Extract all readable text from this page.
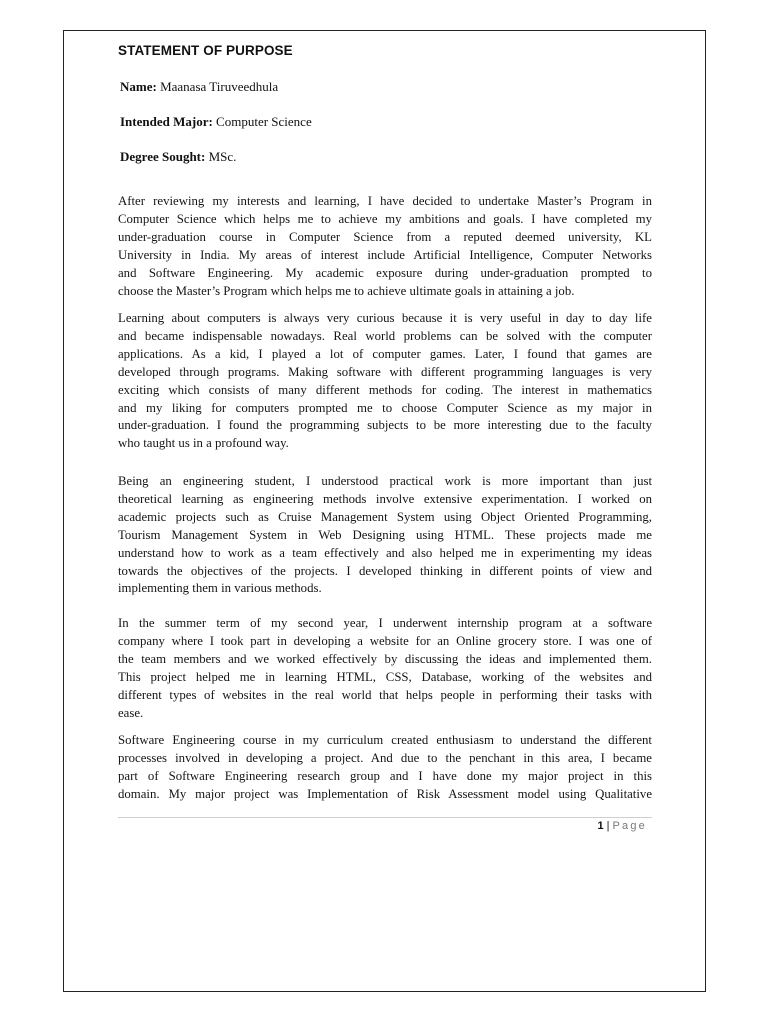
STATEMENT OF PURPOSE
Name: Maanasa Tiruveedhula
Intended Major: Computer Science
Degree Sought: MSc.

After reviewing my interests and learning, I have decided to undertake Master’s Program in
Computer Science which helps me to achieve my ambitions and goals. I have completed my
under-graduation course in Computer Science from a reputed deemed university, KL
University in India. My areas of interest include Artificial Intelligence, Computer Networks
and Software Engineering. My academic exposure during under-graduation prompted to
choose the Master’s Program which helps me to achieve ultimate goals in attaining a job.

Learning about computers is always very curious because it is very useful in day to day life
and became indispensable nowadays. Real world problems can be solved with the computer
applications. As a kid, I played a lot of computer games. Later, I found that games are
developed through programs. Making software with different programming languages is very
exciting which consists of many different methods for coding. The interest in mathematics
and my liking for computers prompted me to choose Computer Science as my major in
under-graduation. I found the programming subjects to be more interesting due to the faculty
who taught us in a profound way.

Being an engineering student, I understood practical work is more important than just
theoretical learning as engineering methods involve extensive experimentation. I worked on
academic projects such as Cruise Management System using Object Oriented Programming,
Tourism Management System in Web Designing using HTML. These projects made me
understand how to work as a team effectively and also helped me in experimenting my ideas
towards the objectives of the projects. I developed thinking in different points of view and
implementing them in various methods.

In the summer term of my second year, I underwent internship program at a software
company where I took part in developing a website for an Online grocery store. I was one of
the team members and we worked effectively by discussing the ideas and implemented them.
This project helped me in learning HTML, CSS, Database, working of the websites and
different types of websites in the real world that helps people in performing their tasks with
ease.

Software Engineering course in my curriculum created enthusiasm to understand the different
processes involved in developing a project. And due to the penchant in this area, I became
part of Software Engineering research group and I have done my major project in this
domain. My major project was Implementation of Risk Assessment model using Qualitative

1 | Page
